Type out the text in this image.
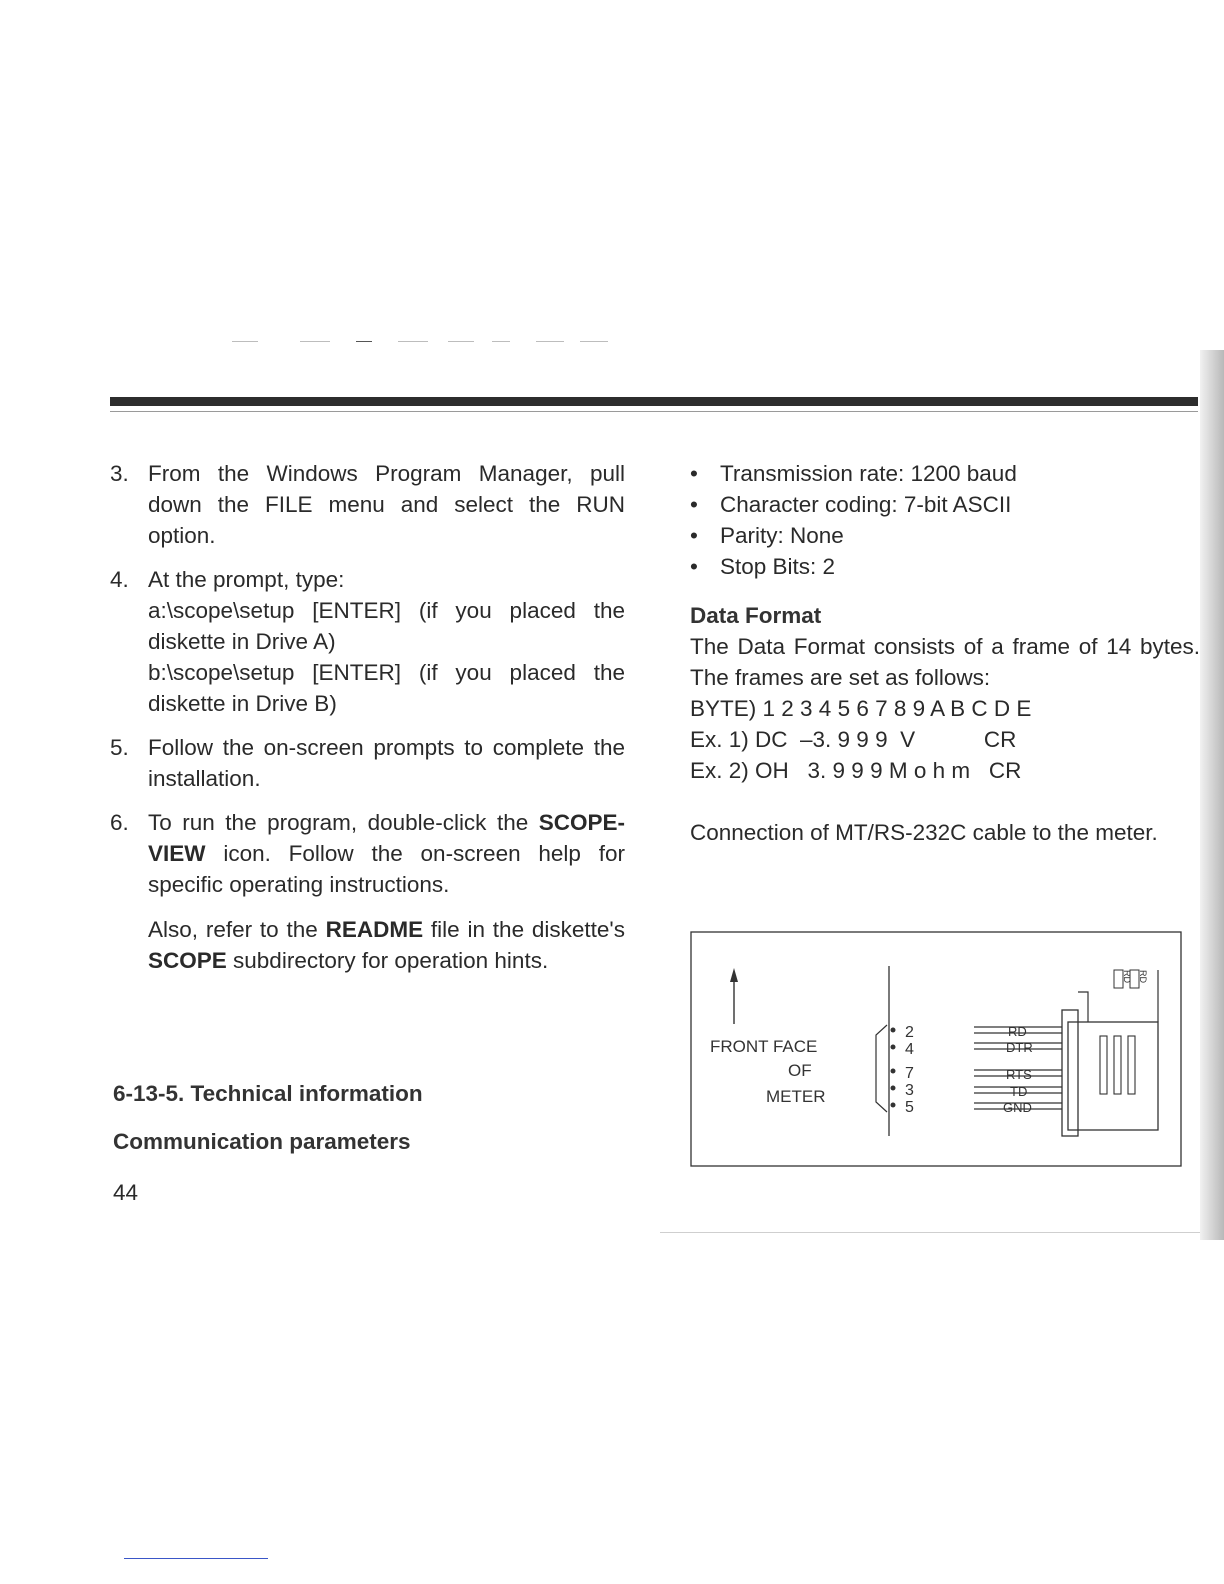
3. From the Windows Program Manager, pull down the FILE menu and select the RUN option.
4. At the prompt, type:
a:\scope\setup [ENTER] (if you placed the diskette in Drive A)
b:\scope\setup [ENTER] (if you placed the diskette in Drive B)
5. Follow the on-screen prompts to complete the installation.
6. To run the program, double-click the SCOPE-VIEW icon. Follow the on-screen help for specific operating instructions.
Also, refer to the README file in the diskette's SCOPE subdirectory for operation hints.
6-13-5. Technical information
Communication parameters
44
• Transmission rate: 1200 baud
• Character coding: 7-bit ASCII
• Parity: None
• Stop Bits: 2
Data Format
The Data Format consists of a frame of 14 bytes. The frames are set as follows:
BYTE) 1 2 3 4 5 6 7 8 9 A B C D E
Ex. 1) DC  –3. 9 9 9  V           CR
Ex. 2) OH   3. 9 9 9 M o h m   CR
Connection of MT/RS-232C cable to the meter.
FRONT FACE
OF
METER
2
4
7
3
5
RD RD
RD
DTR
RTS
TD
GND
